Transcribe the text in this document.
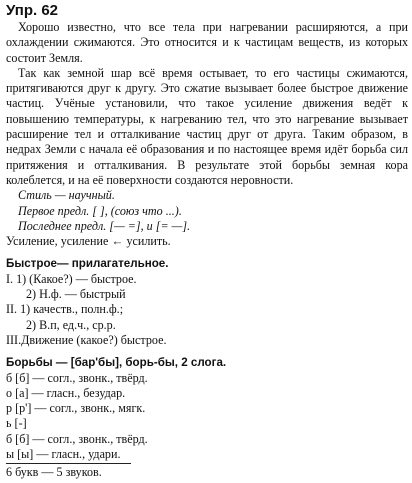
Упр. 62

Хорошо известно, что все тела при нагревании расширяются, а при охлаждении сжимаются. Это относится и к частицам веществ, из которых состоит Земля.

Так как земной шар всё время остывает, то его частицы сжимаются, притягиваются друг к другу. Это сжатие вызывает более быстрое движение частиц. Учёные установили, что такое усиление движения ведёт к повышению температуры, к нагреванию тел, что это нагревание вызывает расширение тел и отталкивание частиц друг от друга. Таким образом, в недрах Земли с начала её образования и по настоящее время идёт борьба сил притяжения и отталкивания. В результате этой борьбы земная кора колеблется, и на её поверхности создаются неровности.

Стиль — научный.
Первое предл. [ ], (союз что ...).
Последнее предл. [— =], и [= —].
Усиление, усиление ← усилить.
Быстрое— прилагательное.
I. 1) (Какое?) — быстрое.
2) Н.ф. — быстрый
II. 1) качеств., полн.ф.;
2) В.п, ед.ч., ср.р.
III.Движение (какое?) быстрое.
Борьбы — [бар'бы], борь-бы, 2 слога.
б [б] — согл., звонк., твёрд.
о [а] — гласн., безудар.
р [р'] — согл., звонк., мягк.
ь [-]
б [б] — согл., звонк., твёрд.
ы [ы] — гласн., удари.
6 букв — 5 звуков.
